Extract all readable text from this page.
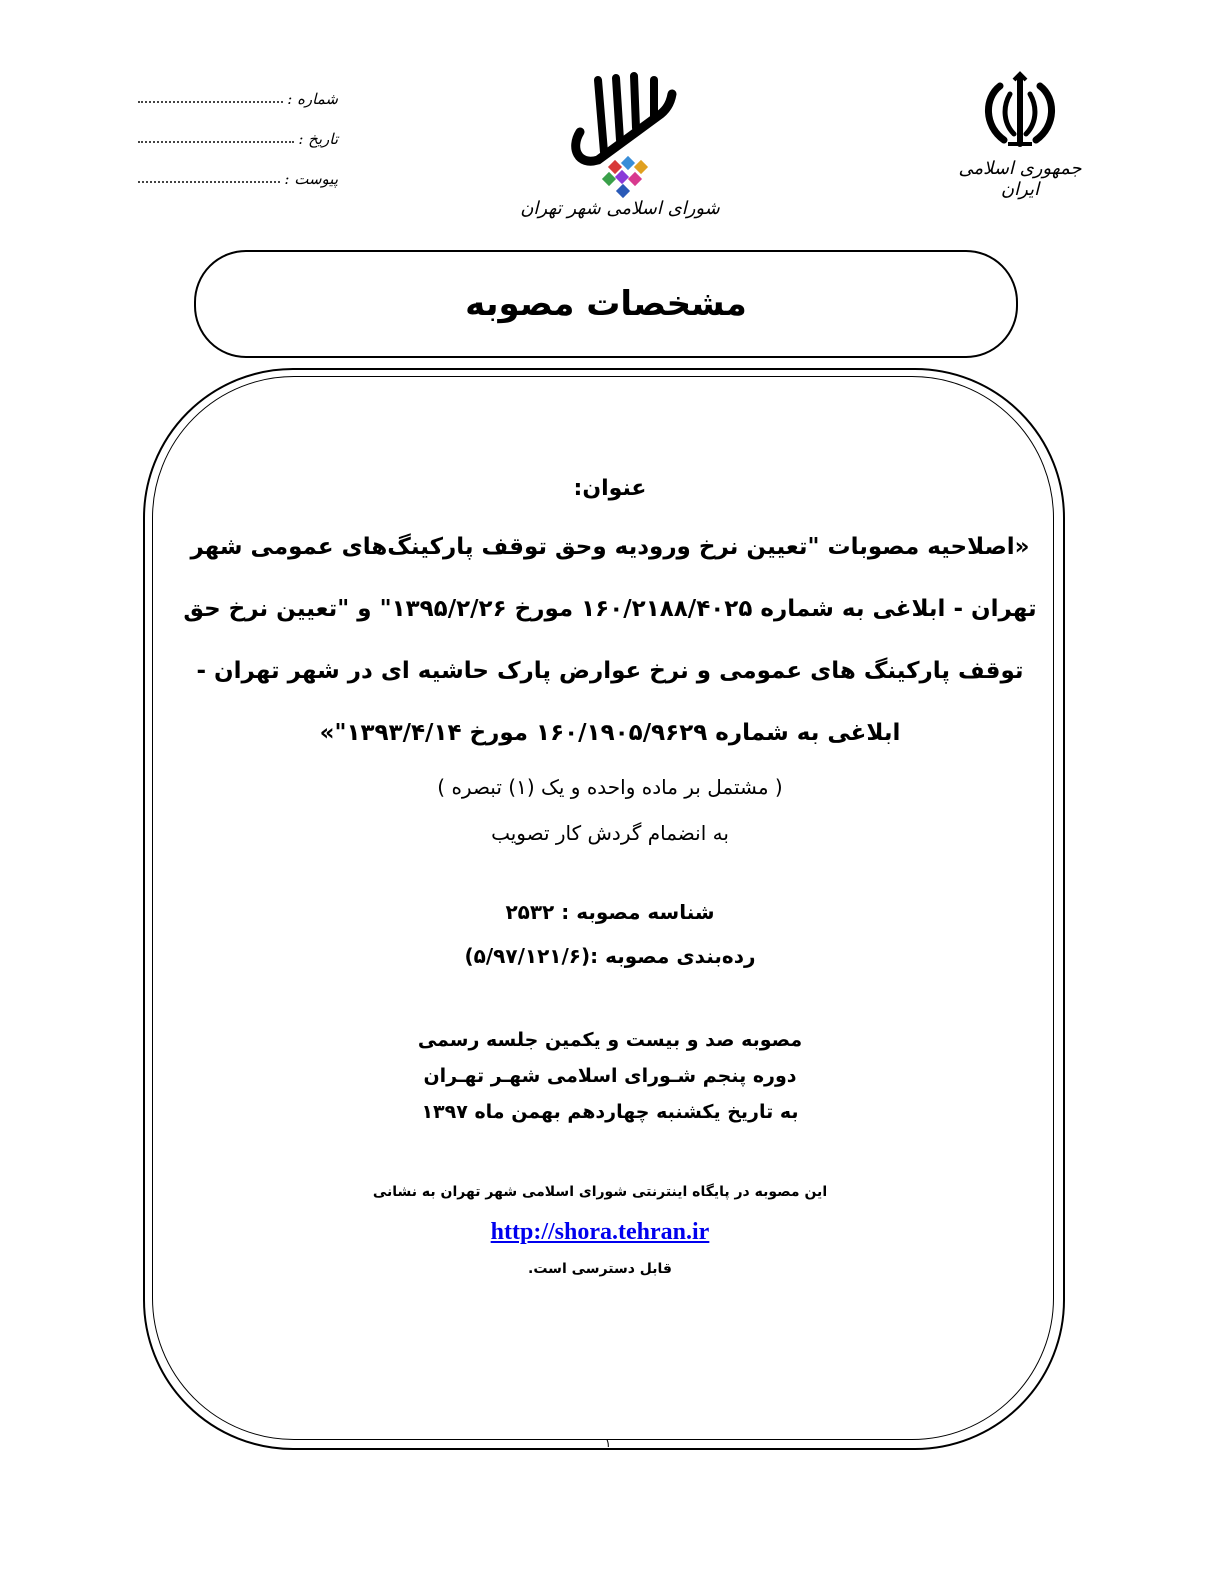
شماره :
تاریخ :
پیوست :
شورای اسلامی شهر تهران
جمهوری اسلامی ایران
مشخصات مصوبه
عنوان:
«اصلاحیه مصوبات "تعیین نرخ ورودیه وحق توقف پارکینگ‌های عمومی شهر
تهران - ابلاغی به شماره ۱۶۰/۲۱۸۸/۴۰۲۵ مورخ ۱۳۹۵/۲/۲۶" و "تعیین نرخ حق
توقف پارکینگ های عمومی و نرخ عوارض پارک حاشیه ای در شهر تهران -
ابلاغی به شماره ۱۶۰/۱۹۰۵/۹۶۲۹ مورخ ۱۳۹۳/۴/۱۴"»
( مشتمل بر ماده واحده و یک (۱) تبصره )
به انضمام گردش کار تصویب
شناسه مصوبه : ۲۵۳۲
رده‌بندی مصوبه :(۵/۹۷/۱۲۱/۶)
مصوبه صد و بیست و یکمین جلسه رسمی
دوره پنجم شـورای اسلامی شهـر تهـران
به تاریخ یکشنبه چهاردهم بهمن ماه ۱۳۹۷
این مصوبه در پایگاه اینترنتی شورای اسلامی شهر تهران به نشانی http://shora.tehran.ir
قابل دسترسی است.
۱
